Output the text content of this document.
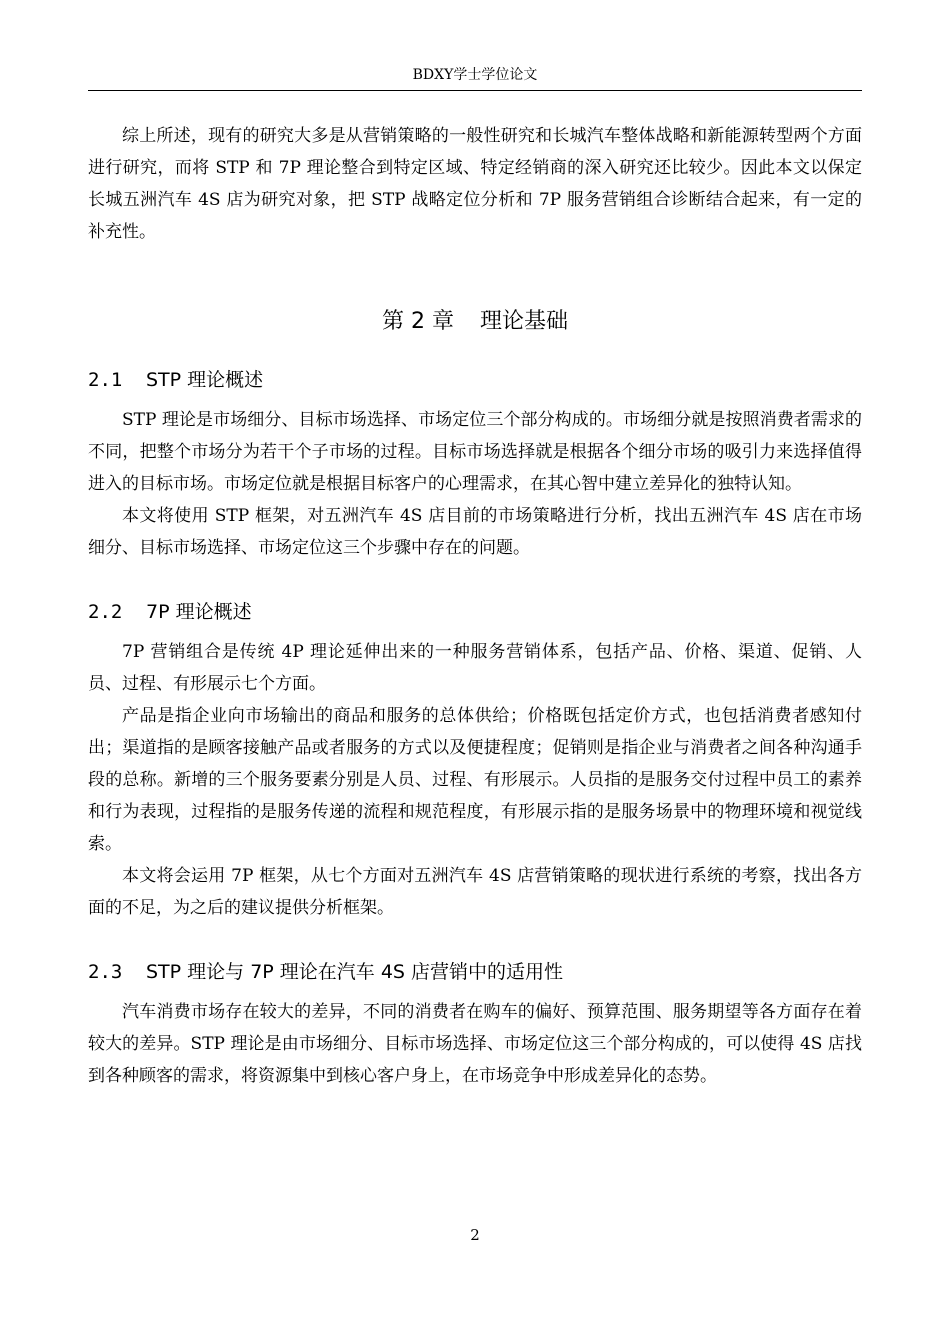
BDXY学士学位论文

综上所述，现有的研究大多是从营销策略的一般性研究和长城汽车整体战略和新能源转型两个方面进行研究，而将 STP 和 7P 理论整合到特定区域、特定经销商的深入研究还比较少。因此本文以保定长城五洲汽车 4S 店为研究对象，把 STP 战略定位分析和 7P 服务营销组合诊断结合起来，有一定的补充性。

第 2 章 理论基础
2.1 STP 理论概述

STP 理论是市场细分、目标市场选择、市场定位三个部分构成的。市场细分就是按照消费者需求的不同，把整个市场分为若干个子市场的过程。目标市场选择就是根据各个细分市场的吸引力来选择值得进入的目标市场。市场定位就是根据目标客户的心理需求，在其心智中建立差异化的独特认知。

本文将使用 STP 框架，对五洲汽车 4S 店目前的市场策略进行分析，找出五洲汽车 4S 店在市场细分、目标市场选择、市场定位这三个步骤中存在的问题。

2.2 7P 理论概述

7P 营销组合是传统 4P 理论延伸出来的一种服务营销体系，包括产品、价格、渠道、促销、人员、过程、有形展示七个方面。

产品是指企业向市场输出的商品和服务的总体供给；价格既包括定价方式，也包括消费者感知付出；渠道指的是顾客接触产品或者服务的方式以及便捷程度；促销则是指企业与消费者之间各种沟通手段的总称。新增的三个服务要素分别是人员、过程、有形展示。人员指的是服务交付过程中员工的素养和行为表现，过程指的是服务传递的流程和规范程度，有形展示指的是服务场景中的物理环境和视觉线索。

本文将会运用 7P 框架，从七个方面对五洲汽车 4S 店营销策略的现状进行系统的考察，找出各方面的不足，为之后的建议提供分析框架。

2.3 STP 理论与 7P 理论在汽车 4S 店营销中的适用性

汽车消费市场存在较大的差异，不同的消费者在购车的偏好、预算范围、服务期望等各方面存在着较大的差异。STP 理论是由市场细分、目标市场选择、市场定位这三个部分构成的，可以使得 4S 店找到各种顾客的需求，将资源集中到核心客户身上，在市场竞争中形成差异化的态势。

2
